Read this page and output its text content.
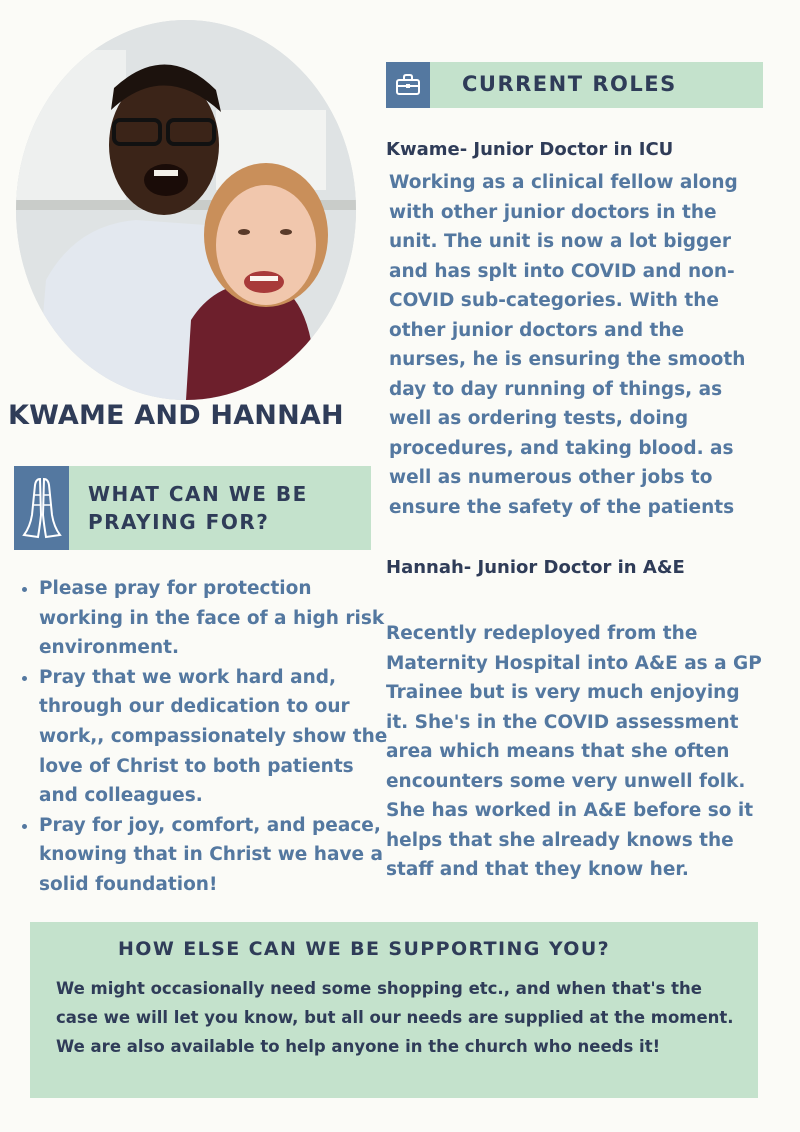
KWAME AND HANNAH
CURRENT ROLES
Kwame- Junior Doctor in ICU

Working as a clinical fellow along with other junior doctors in the unit. The unit is now a lot bigger and has splt into COVID and non-COVID sub-categories. With the other junior doctors and the nurses, he is ensuring the smooth day to day running of things, as well as ordering tests, doing procedures, and taking blood. as well as numerous other jobs to ensure the safety of the patients

Hannah- Junior Doctor in A&E

Recently redeployed from the Maternity Hospital into A&E as a GP Trainee but is very much enjoying it. She's in the COVID assessment area which means that she often encounters some very unwell folk. She has worked in A&E before so it helps that she already knows the staff and that they know her.

WHAT CAN WE BE PRAYING FOR?
• Please pray for protection working in the face of a high risk environment.
• Pray that we work hard and, through our dedication to our work,, compassionately show the love of Christ to both patients and colleagues.
• Pray for joy, comfort, and peace, knowing that in Christ we have a solid foundation!
HOW ELSE CAN WE BE SUPPORTING YOU?

We might occasionally need some shopping etc., and when that's the case we will let you know, but all our needs are supplied at the moment. We are also available to help anyone in the church who needs it!
